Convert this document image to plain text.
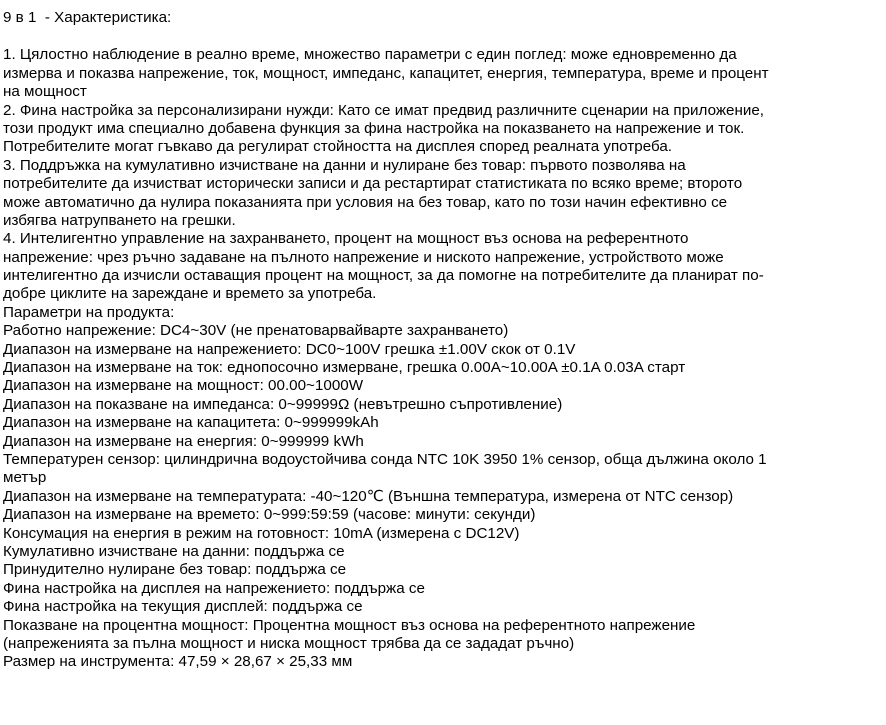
9 в 1  - Характеристика:
1. Цялостно наблюдение в реално време, множество параметри с един поглед: може едновременно да
измерва и показва напрежение, ток, мощност, импеданс, капацитет, енергия, температура, време и процент
на мощност
2. Фина настройка за персонализирани нужди: Като се имат предвид различните сценарии на приложение,
този продукт има специално добавена функция за фина настройка на показването на напрежение и ток.
Потребителите могат гъвкаво да регулират стойността на дисплея според реалната употреба.
3. Поддръжка на кумулативно изчистване на данни и нулиране без товар: първото позволява на
потребителите да изчистват исторически записи и да рестартират статистиката по всяко време; второто
може автоматично да нулира показанията при условия на без товар, като по този начин ефективно се
избягва натрупването на грешки.
4. Интелигентно управление на захранването, процент на мощност въз основа на референтното
напрежение: чрез ръчно задаване на пълното напрежение и ниското напрежение, устройството може
интелигентно да изчисли оставащия процент на мощност, за да помогне на потребителите да планират по-
добре циклите на зареждане и времето за употреба.
Параметри на продукта:
Работно напрежение: DC4~30V (не пренатоварвайварте захранването)
Диапазон на измерване на напрежението: DC0~100V грешка ±1.00V скок от 0.1V
Диапазон на измерване на ток: еднопосочно измерване, грешка 0.00A~10.00A ±0.1A 0.03A старт
Диапазон на измерване на мощност: 00.00~1000W
Диапазон на показване на импеданса: 0~99999Ω (невътрешно съпротивление)
Диапазон на измерване на капацитета: 0~999999kAh
Диапазон на измерване на енергия: 0~999999 kWh
Температурен сензор: цилиндрична водоустойчива сонда NTC 10K 3950 1% сензор, обща дължина около 1
метър
Диапазон на измерване на температурата: -40~120℃ (Външна температура, измерена от NTC сензор)
Диапазон на измерване на времето: 0~999:59:59 (часове: минути: секунди)
Консумация на енергия в режим на готовност: 10mA (измерена с DC12V)
Кумулативно изчистване на данни: поддържа се
Принудително нулиране без товар: поддържа се
Фина настройка на дисплея на напрежението: поддържа се
Фина настройка на текущия дисплей: поддържа се
Показване на процентна мощност: Процентна мощност въз основа на референтното напрежение
(напреженията за пълна мощност и ниска мощност трябва да се зададат ръчно)
Размер на инструмента: 47,59 × 28,67 × 25,33 мм
